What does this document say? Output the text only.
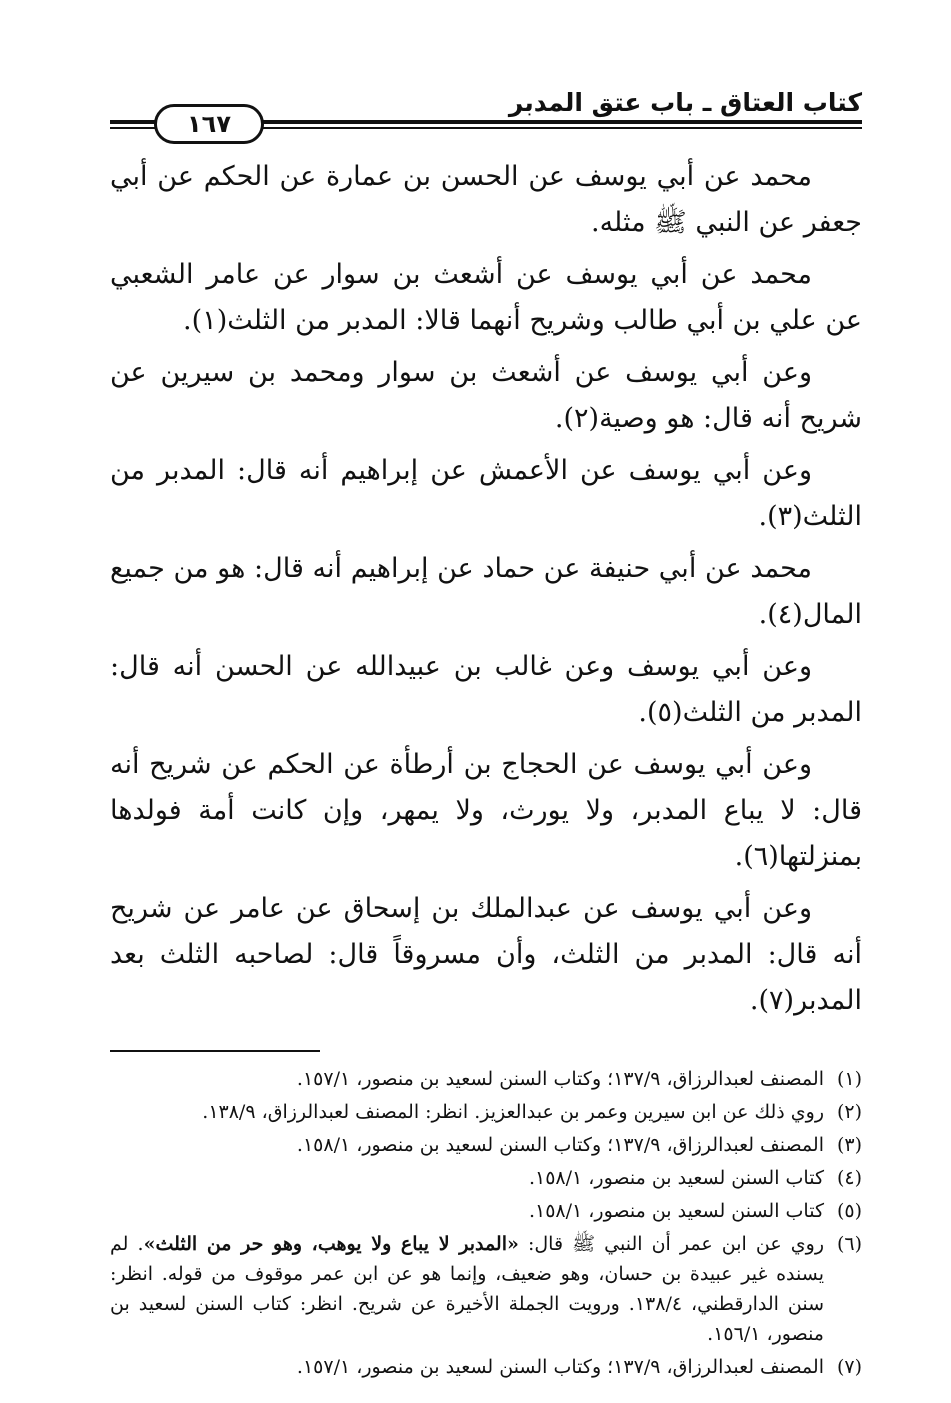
كتاب العتاق ـ باب عتق المدبر
١٦٧

محمد عن أبي يوسف عن الحسن بن عمارة عن الحكم عن أبي جعفر عن النبي ﷺ مثله.

محمد عن أبي يوسف عن أشعث بن سوار عن عامر الشعبي عن علي بن أبي طالب وشريح أنهما قالا: المدبر من الثلث(١).

وعن أبي يوسف عن أشعث بن سوار ومحمد بن سيرين عن شريح أنه قال: هو وصية(٢).

وعن أبي يوسف عن الأعمش عن إبراهيم أنه قال: المدبر من الثلث(٣).

محمد عن أبي حنيفة عن حماد عن إبراهيم أنه قال: هو من جميع المال(٤).

وعن أبي يوسف وعن غالب بن عبيدالله عن الحسن أنه قال: المدبر من الثلث(٥).

وعن أبي يوسف عن الحجاج بن أرطأة عن الحكم عن شريح أنه قال: لا يباع المدبر، ولا يورث، ولا يمهر، وإن كانت أمة فولدها بمنزلتها(٦).

وعن أبي يوسف عن عبدالملك بن إسحاق عن عامر عن شريح أنه قال: المدبر من الثلث، وأن مسروقاً قال: لصاحبه الثلث بعد المدبر(٧).

(١)
المصنف لعبدالرزاق، ١٣٧/٩؛ وكتاب السنن لسعيد بن منصور، ١٥٧/١.
(٢)
روي ذلك عن ابن سيرين وعمر بن عبدالعزيز. انظر: المصنف لعبدالرزاق، ١٣٨/٩.
(٣)
المصنف لعبدالرزاق، ١٣٧/٩؛ وكتاب السنن لسعيد بن منصور، ١٥٨/١.
(٤)
كتاب السنن لسعيد بن منصور، ١٥٨/١.
(٥)
كتاب السنن لسعيد بن منصور، ١٥٨/١.
(٦)
روي عن ابن عمر أن النبي ﷺ قال: «المدبر لا يباع ولا يوهب، وهو حر من الثلث». لم يسنده غير عبيدة بن حسان، وهو ضعيف، وإنما هو عن ابن عمر موقوف من قوله. انظر: سنن الدارقطني، ١٣٨/٤. ورويت الجملة الأخيرة عن شريح. انظر: كتاب السنن لسعيد بن منصور، ١٥٦/١.
(٧)
المصنف لعبدالرزاق، ١٣٧/٩؛ وكتاب السنن لسعيد بن منصور، ١٥٧/١.
